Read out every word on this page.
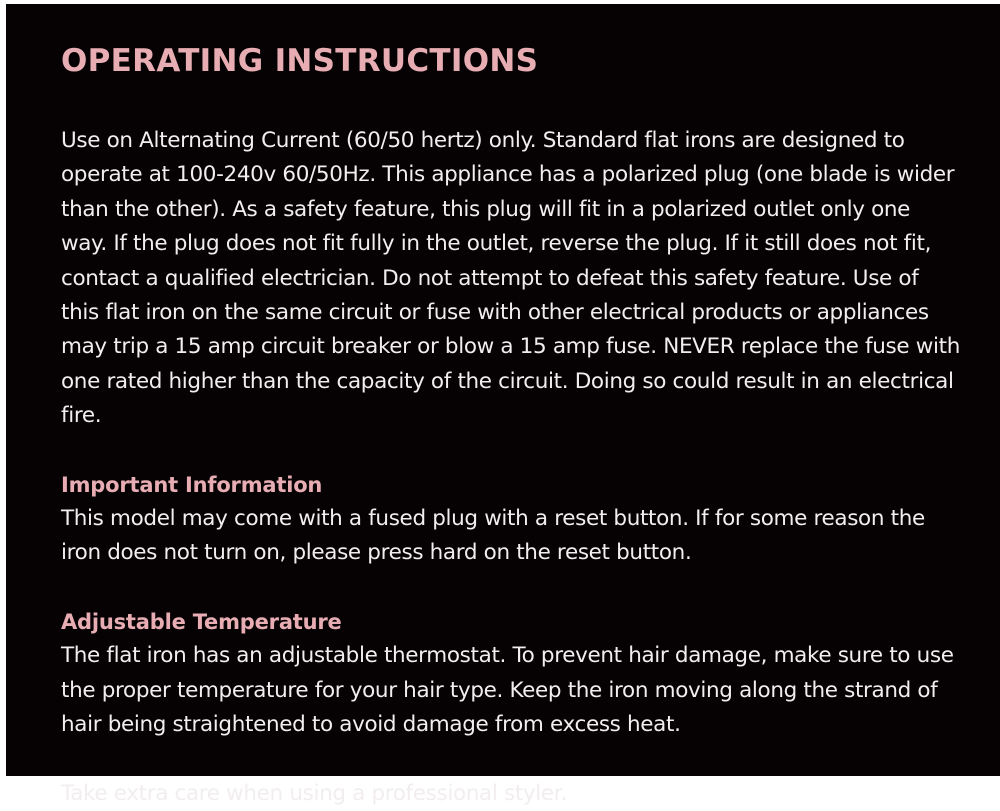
OPERATING INSTRUCTIONS

Use on Alternating Current (60/50 hertz) only. Standard flat irons are designed to operate at 100-240v 60/50Hz. This appliance has a polarized plug (one blade is wider than the other). As a safety feature, this plug will fit in a polarized outlet only one way. If the plug does not fit fully in the outlet, reverse the plug. If it still does not fit, contact a qualified electrician. Do not attempt to defeat this safety feature. Use of this flat iron on the same circuit or fuse with other electrical products or appliances may trip a 15 amp circuit breaker or blow a 15 amp fuse. NEVER replace the fuse with one rated higher than the capacity of the circuit. Doing so could result in an electrical fire.

Important Information

This model may come with a fused plug with a reset button. If for some reason the iron does not turn on, please press hard on the reset button.

Adjustable Temperature

The flat iron has an adjustable thermostat. To prevent hair damage, make sure to use the proper temperature for your hair type. Keep the iron moving along the strand of hair being straightened to avoid damage from excess heat.

Take extra care when using a professional styler.
